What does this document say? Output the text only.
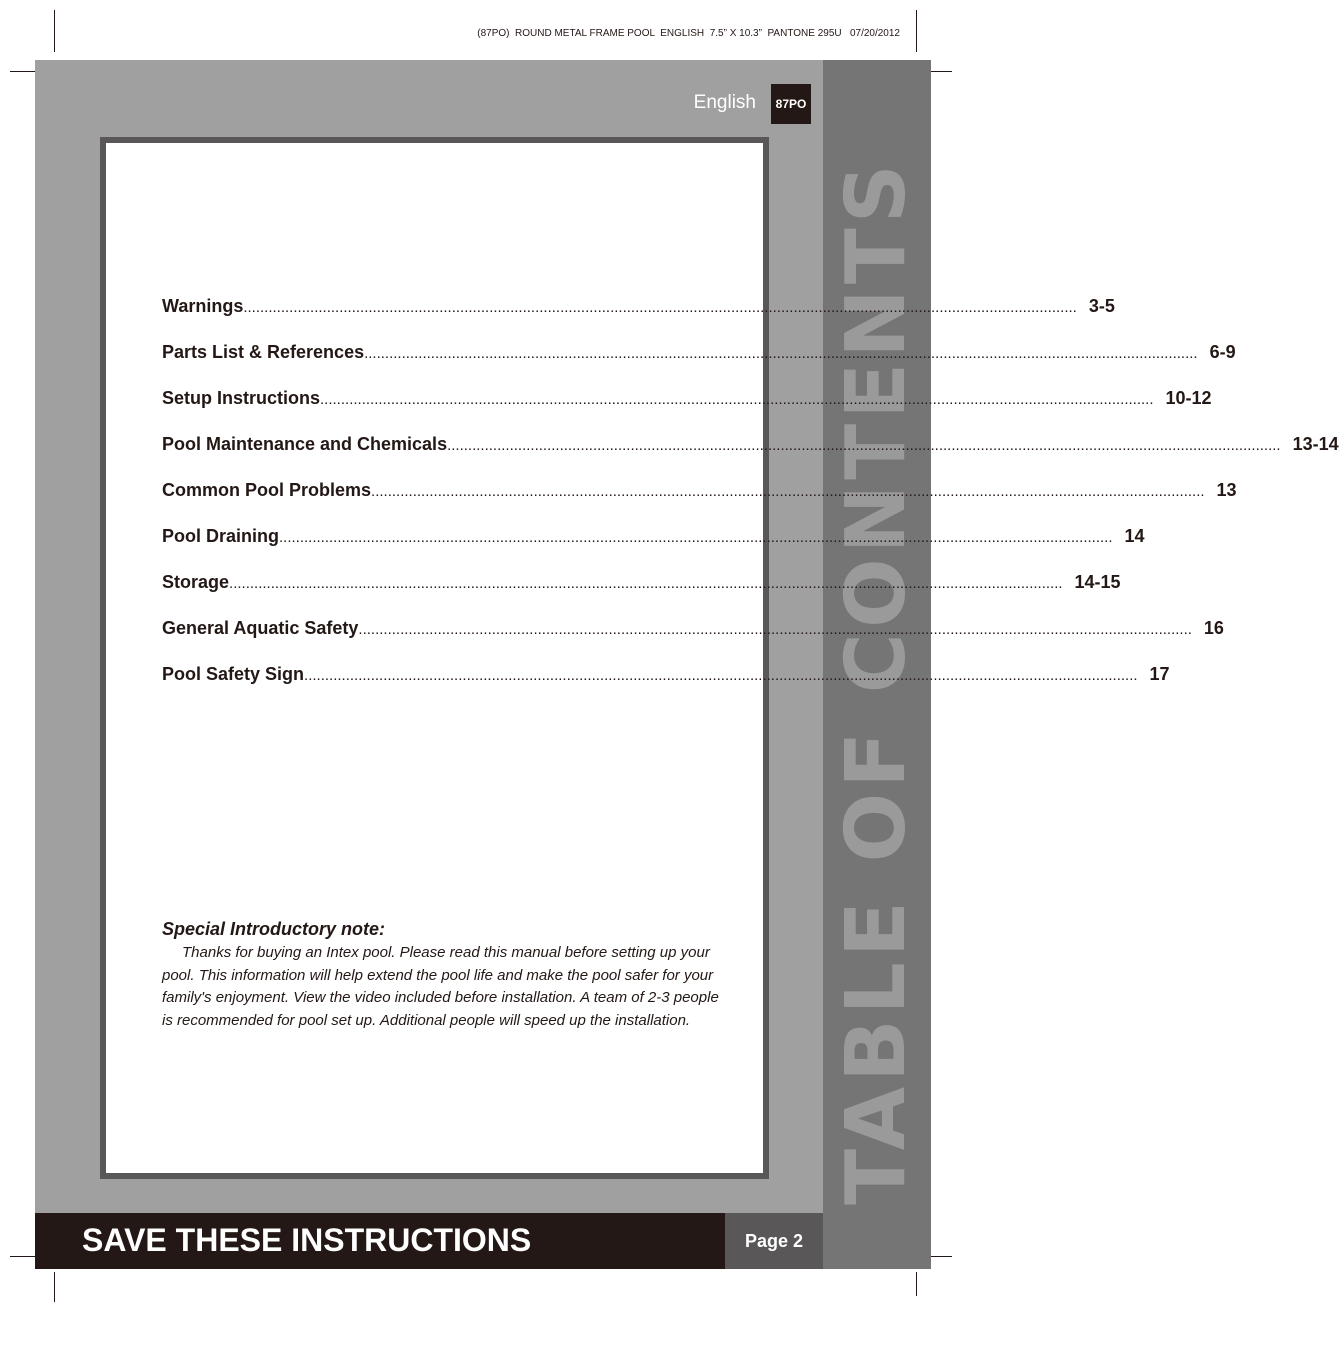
(87PO)  ROUND METAL FRAME POOL  ENGLISH  7.5” X 10.3”  PANTONE 295U   07/20/2012
TABLE OF CONTENTS
English	87PO
Warnings ........................................................................................................................................................................................................ 3-5
Parts List & References ........................................................................................................................................................................................................ 6-9
Setup Instructions ........................................................................................................................................................................................................ 10-12
Pool Maintenance and Chemicals ........................................................................................................................................................................................................ 13-14
Common Pool Problems ........................................................................................................................................................................................................ 13
Pool Draining ........................................................................................................................................................................................................ 14
Storage ........................................................................................................................................................................................................ 14-15
General Aquatic Safety ........................................................................................................................................................................................................ 16
Pool Safety Sign ........................................................................................................................................................................................................ 17

Special Introductory note:

Thanks for buying an Intex pool. Please read this manual before setting up your pool. This information will help extend the pool life and make the pool safer for your family's enjoyment. View the video included before installation. A team of 2-3 people is recommended for pool set up. Additional people will speed up the installation.

SAVE THESE INSTRUCTIONS	Page 2
